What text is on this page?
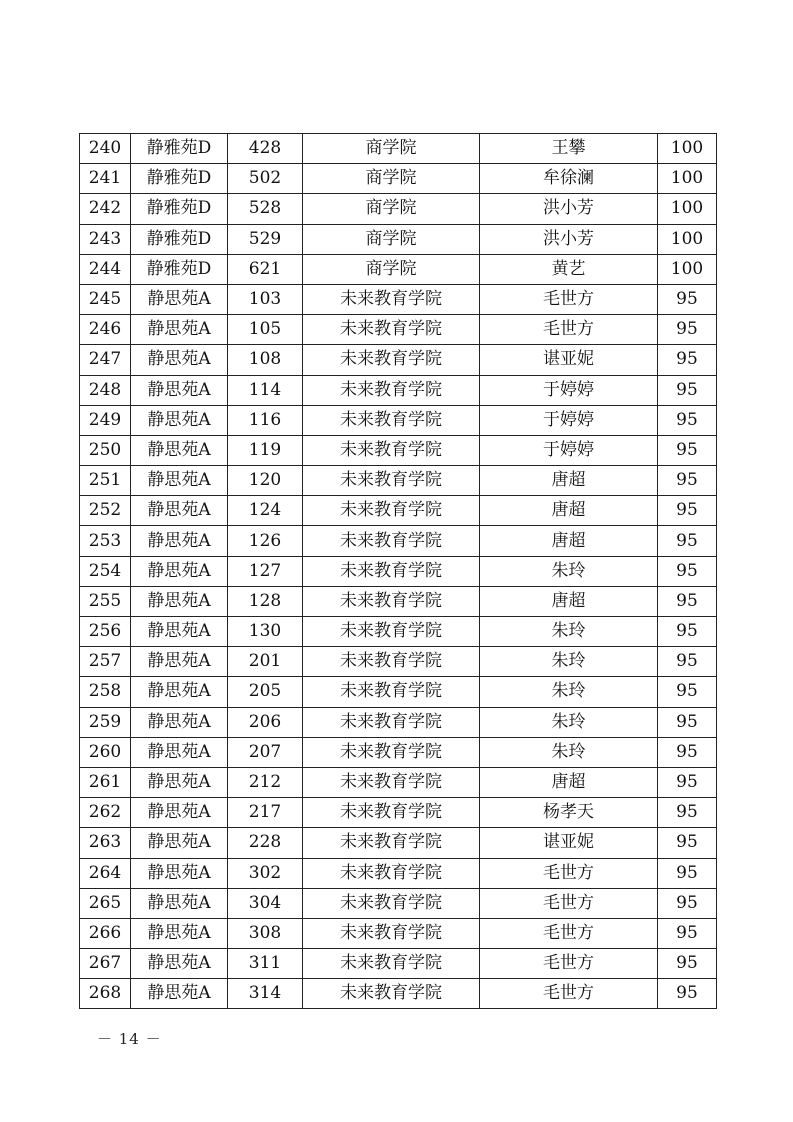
240	静雅苑D	428	商学院	王攀	100
241	静雅苑D	502	商学院	牟徐澜	100
242	静雅苑D	528	商学院	洪小芳	100
243	静雅苑D	529	商学院	洪小芳	100
244	静雅苑D	621	商学院	黄艺	100
245	静思苑A	103	未来教育学院	毛世方	95
246	静思苑A	105	未来教育学院	毛世方	95
247	静思苑A	108	未来教育学院	谌亚妮	95
248	静思苑A	114	未来教育学院	于婷婷	95
249	静思苑A	116	未来教育学院	于婷婷	95
250	静思苑A	119	未来教育学院	于婷婷	95
251	静思苑A	120	未来教育学院	唐超	95
252	静思苑A	124	未来教育学院	唐超	95
253	静思苑A	126	未来教育学院	唐超	95
254	静思苑A	127	未来教育学院	朱玲	95
255	静思苑A	128	未来教育学院	唐超	95
256	静思苑A	130	未来教育学院	朱玲	95
257	静思苑A	201	未来教育学院	朱玲	95
258	静思苑A	205	未来教育学院	朱玲	95
259	静思苑A	206	未来教育学院	朱玲	95
260	静思苑A	207	未来教育学院	朱玲	95
261	静思苑A	212	未来教育学院	唐超	95
262	静思苑A	217	未来教育学院	杨孝天	95
263	静思苑A	228	未来教育学院	谌亚妮	95
264	静思苑A	302	未来教育学院	毛世方	95
265	静思苑A	304	未来教育学院	毛世方	95
266	静思苑A	308	未来教育学院	毛世方	95
267	静思苑A	311	未来教育学院	毛世方	95
268	静思苑A	314	未来教育学院	毛世方	95
－ 14 －
